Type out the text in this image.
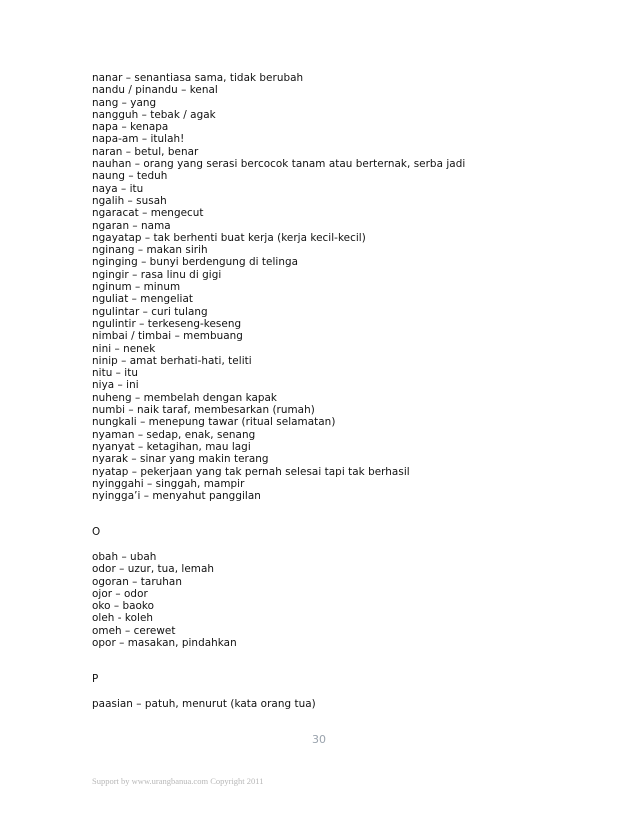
nanar – senantiasa sama, tidak berubah
nandu / pinandu – kenal
nang – yang
nangguh – tebak / agak
napa – kenapa
napa-am – itulah!
naran – betul, benar
nauhan – orang yang serasi bercocok tanam atau berternak, serba jadi
naung – teduh
naya – itu
ngalih – susah
ngaracat – mengecut
ngaran – nama
ngayatap – tak berhenti buat kerja (kerja kecil-kecil)
nginang – makan sirih
nginging – bunyi berdengung di telinga
ngingir – rasa linu di gigi
nginum – minum
nguliat – mengeliat
ngulintar – curi tulang
ngulintir – terkeseng-keseng
nimbai / timbai – membuang
nini – nenek
ninip – amat berhati-hati, teliti
nitu – itu
niya – ini
nuheng – membelah dengan kapak
numbi – naik taraf, membesarkan (rumah)
nungkali – menepung tawar (ritual selamatan)
nyaman – sedap, enak, senang
nyanyat – ketagihan, mau lagi
nyarak – sinar yang makin terang
nyatap – pekerjaan yang tak pernah selesai tapi tak berhasil
nyinggahi – singgah, mampir
nyingga’i – menyahut panggilan
O
obah – ubah
odor – uzur, tua, lemah
ogoran – taruhan
ojor – odor
oko – baoko
oleh - koleh
omeh – cerewet
opor – masakan, pindahkan
P
paasian – patuh, menurut (kata orang tua)
30
Support by www.urangbanua.com Copyright 2011
